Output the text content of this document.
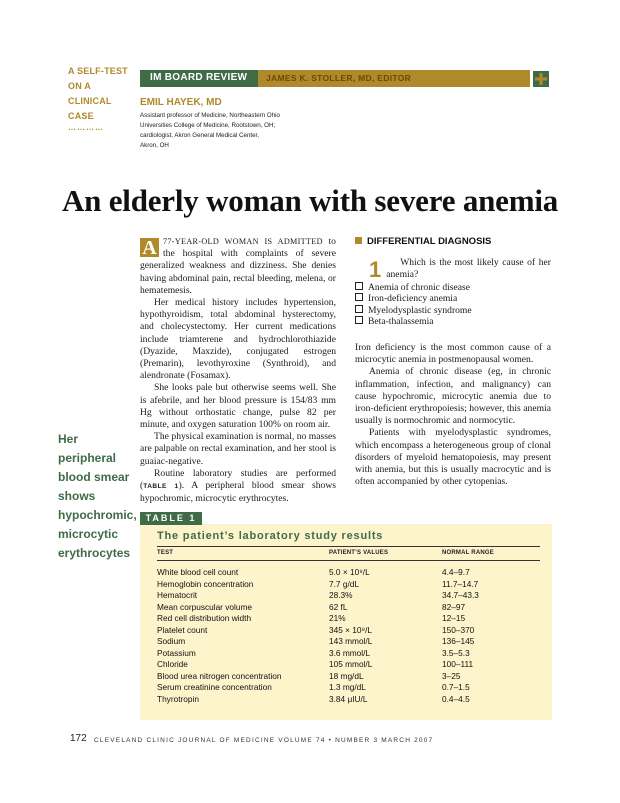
A SELF-TEST
ON A
CLINICAL
CASE
…………
IM BOARD REVIEW JAMES K. STOLLER, MD, EDITOR
EMIL HAYEK, MD
Assistant professor of Medicine, Northeastern Ohio
Universities College of Medicine, Rootstown, OH;
cardiologist, Akron General Medical Center,
Akron, OH
An elderly woman with severe anemia

A 77-YEAR-OLD WOMAN IS ADMITTED to the hospital with complaints of severe generalized weakness and dizziness. She denies having abdominal pain, rectal bleeding, melena, or hematemesis.

Her medical history includes hypertension, hypothyroidism, total abdominal hysterectomy, and cholecystectomy. Her current medications include triamterene and hydrochlorothiazide (Dyazide, Maxzide), conjugated estrogen (Premarin), levothyroxine (Synthroid), and alendronate (Fosamax).

She looks pale but otherwise seems well. She is afebrile, and her blood pressure is 154/83 mm Hg without orthostatic change, pulse 82 per minute, and oxygen saturation 100% on room air.

The physical examination is normal, no masses are palpable on rectal examination, and her stool is guaiac-negative.

Routine laboratory studies are performed (TABLE 1). A peripheral blood smear shows hypochromic, microcytic erythrocytes.

DIFFERENTIAL DIAGNOSIS

1 Which is the most likely cause of her anemia?

Anemia of chronic disease
Iron-deficiency anemia
Myelodysplastic syndrome
Beta-thalassemia

Iron deficiency is the most common cause of a microcytic anemia in postmenopausal women.

Anemia of chronic disease (eg, in chronic inflammation, infection, and malignancy) can cause hypochromic, microcytic anemia due to iron-deficient erythropoiesis; however, this anemia usually is normochromic and normocytic.

Patients with myelodysplastic syndromes, which encompass a heterogeneous group of clonal disorders of myeloid hematopoiesis, may present with anemia, but this is usually macrocytic and is often accompanied by other cytopenias.

Her peripheral blood smear shows hypochromic, microcytic erythrocytes
TABLE 1
The patient’s laboratory study results
TEST	PATIENT’S VALUES	NORMAL RANGE
White blood cell count	5.0 × 10⁹/L	4.4–9.7
Hemoglobin concentration	7.7 g/dL	11.7–14.7
Hematocrit	28.3%	34.7–43.3
Mean corpuscular volume	62 fL	82–97
Red cell distribution width	21%	12–15
Platelet count	345 × 10⁹/L	150–370
Sodium	143 mmol/L	136–145
Potassium	3.6 mmol/L	3.5–5.3
Chloride	105 mmol/L	100–111
Blood urea nitrogen concentration	18 mg/dL	3–25
Serum creatinine concentration	1.3 mg/dL	0.7–1.5
Thyrotropin	3.84 μIU/L	0.4–4.5
172 CLEVELAND CLINIC JOURNAL OF MEDICINE VOLUME 74 • NUMBER 3 MARCH 2007
